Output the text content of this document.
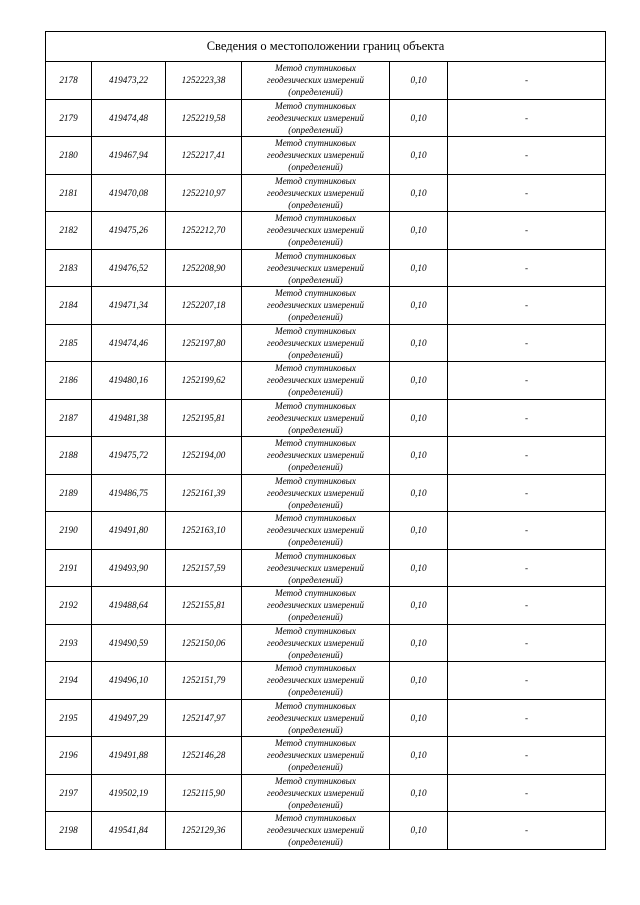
Сведения о местоположении границ объекта					
2178	419473,22	1252223,38	Метод спутниковых
геодезических измерений
(определений)	0,10	-
2179	419474,48	1252219,58	Метод спутниковых
геодезических измерений
(определений)	0,10	-
2180	419467,94	1252217,41	Метод спутниковых
геодезических измерений
(определений)	0,10	-
2181	419470,08	1252210,97	Метод спутниковых
геодезических измерений
(определений)	0,10	-
2182	419475,26	1252212,70	Метод спутниковых
геодезических измерений
(определений)	0,10	-
2183	419476,52	1252208,90	Метод спутниковых
геодезических измерений
(определений)	0,10	-
2184	419471,34	1252207,18	Метод спутниковых
геодезических измерений
(определений)	0,10	-
2185	419474,46	1252197,80	Метод спутниковых
геодезических измерений
(определений)	0,10	-
2186	419480,16	1252199,62	Метод спутниковых
геодезических измерений
(определений)	0,10	-
2187	419481,38	1252195,81	Метод спутниковых
геодезических измерений
(определений)	0,10	-
2188	419475,72	1252194,00	Метод спутниковых
геодезических измерений
(определений)	0,10	-
2189	419486,75	1252161,39	Метод спутниковых
геодезических измерений
(определений)	0,10	-
2190	419491,80	1252163,10	Метод спутниковых
геодезических измерений
(определений)	0,10	-
2191	419493,90	1252157,59	Метод спутниковых
геодезических измерений
(определений)	0,10	-
2192	419488,64	1252155,81	Метод спутниковых
геодезических измерений
(определений)	0,10	-
2193	419490,59	1252150,06	Метод спутниковых
геодезических измерений
(определений)	0,10	-
2194	419496,10	1252151,79	Метод спутниковых
геодезических измерений
(определений)	0,10	-
2195	419497,29	1252147,97	Метод спутниковых
геодезических измерений
(определений)	0,10	-
2196	419491,88	1252146,28	Метод спутниковых
геодезических измерений
(определений)	0,10	-
2197	419502,19	1252115,90	Метод спутниковых
геодезических измерений
(определений)	0,10	-
2198	419541,84	1252129,36	Метод спутниковых
геодезических измерений
(определений)	0,10	-
